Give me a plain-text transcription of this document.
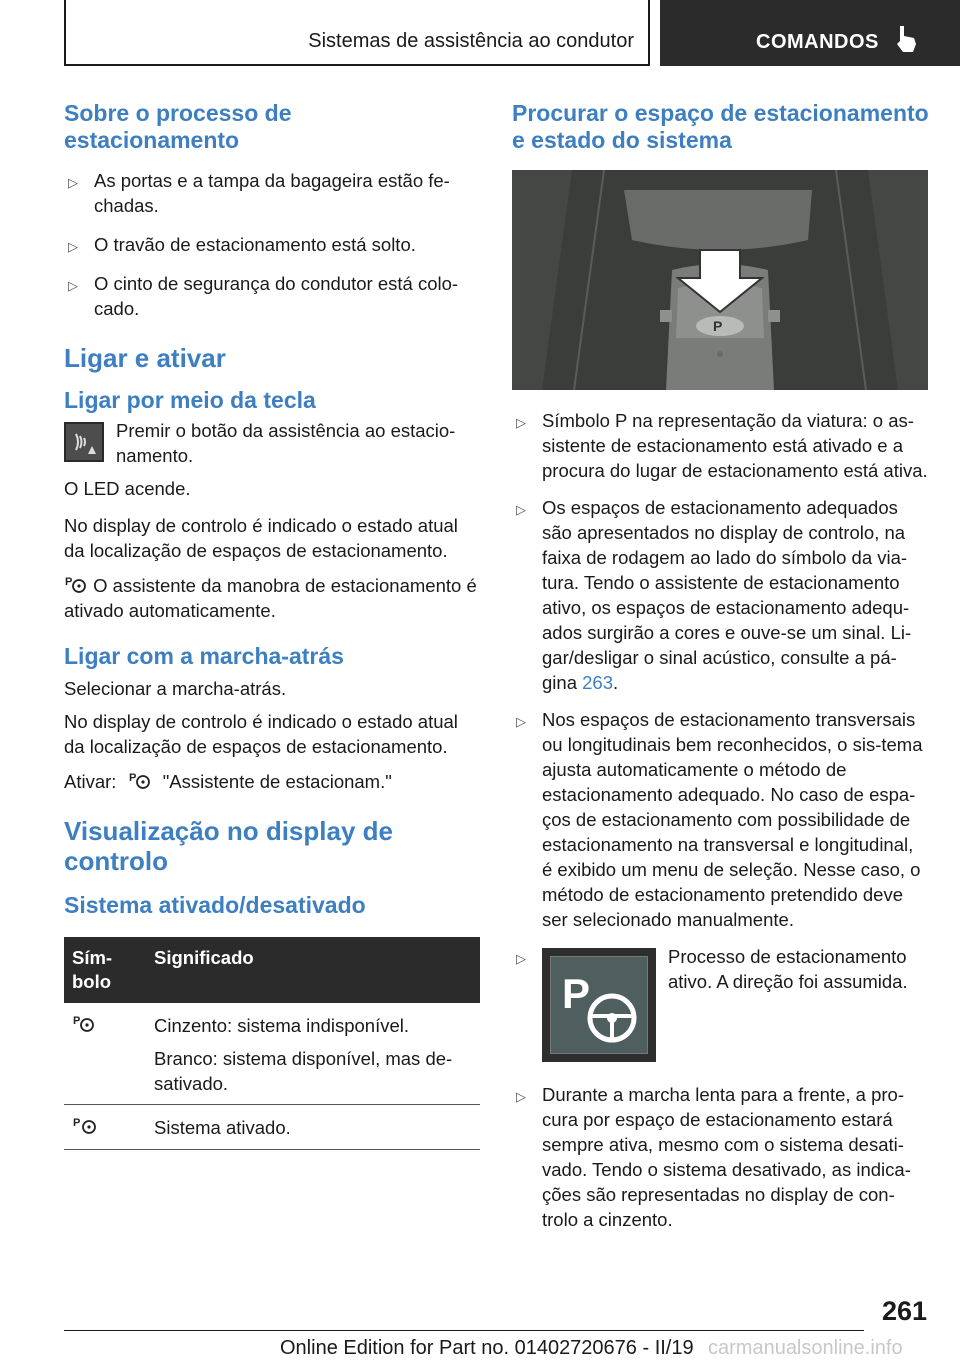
Sistemas de assistência ao condutor	COMANDOS
Sobre o processo de estacionamento
▷ As portas e a tampa da bagageira estão fe-chadas.
▷ O travão de estacionamento está solto.
▷ O cinto de segurança do condutor está colo-cado.
Ligar e ativar
Ligar por meio da tecla

Premir o botão da assistência ao estacio-namento.

O LED acende.

No display de controlo é indicado o estado atual da localização de espaços de estacionamento.

P O assistente da manobra de estacionamento é ativado automaticamente.

Ligar com a marcha-atrás

Selecionar a marcha-atrás.

No display de controlo é indicado o estado atual da localização de espaços de estacionamento.

Ativar: P "Assistente de estacionam."

Visualização no display de controlo
Sistema ativado/desativado
Sím-bolo	Significado

P	Cinzento: sistema indisponível.
Branco: sistema disponível, mas de-sativado.

P	Sistema ativado.
Procurar o espaço de estacionamento e estado do sistema
P
▷ Símbolo P na representação da viatura: o as-sistente de estacionamento está ativado e a procura do lugar de estacionamento está ativa.
▷ Os espaços de estacionamento adequados são apresentados no display de controlo, na faixa de rodagem ao lado do símbolo da via-tura. Tendo o assistente de estacionamento ativo, os espaços de estacionamento adequ-ados surgirão a cores e ouve-se um sinal. Li-gar/desligar o sinal acústico, consulte a pá-gina 263.
▷ Nos espaços de estacionamento transversais ou longitudinais bem reconhecidos, o sis-tema ajusta automaticamente o método de estacionamento adequado. No caso de espa-ços de estacionamento com possibilidade de estacionamento na transversal e longitudinal, é exibido um menu de seleção. Nesse caso, o método de estacionamento pretendido deve ser selecionado manualmente.
▷
P
Processo de estacionamento ativo. A direção foi assumida.
▷ Durante a marcha lenta para a frente, a pro-cura por espaço de estacionamento estará sempre ativa, mesmo com o sistema desati-vado. Tendo o sistema desativado, as indica-ções são representadas no display de con-trolo a cinzento.
261
Online Edition for Part no. 01402720676 - II/19 carmanualsonline.info
